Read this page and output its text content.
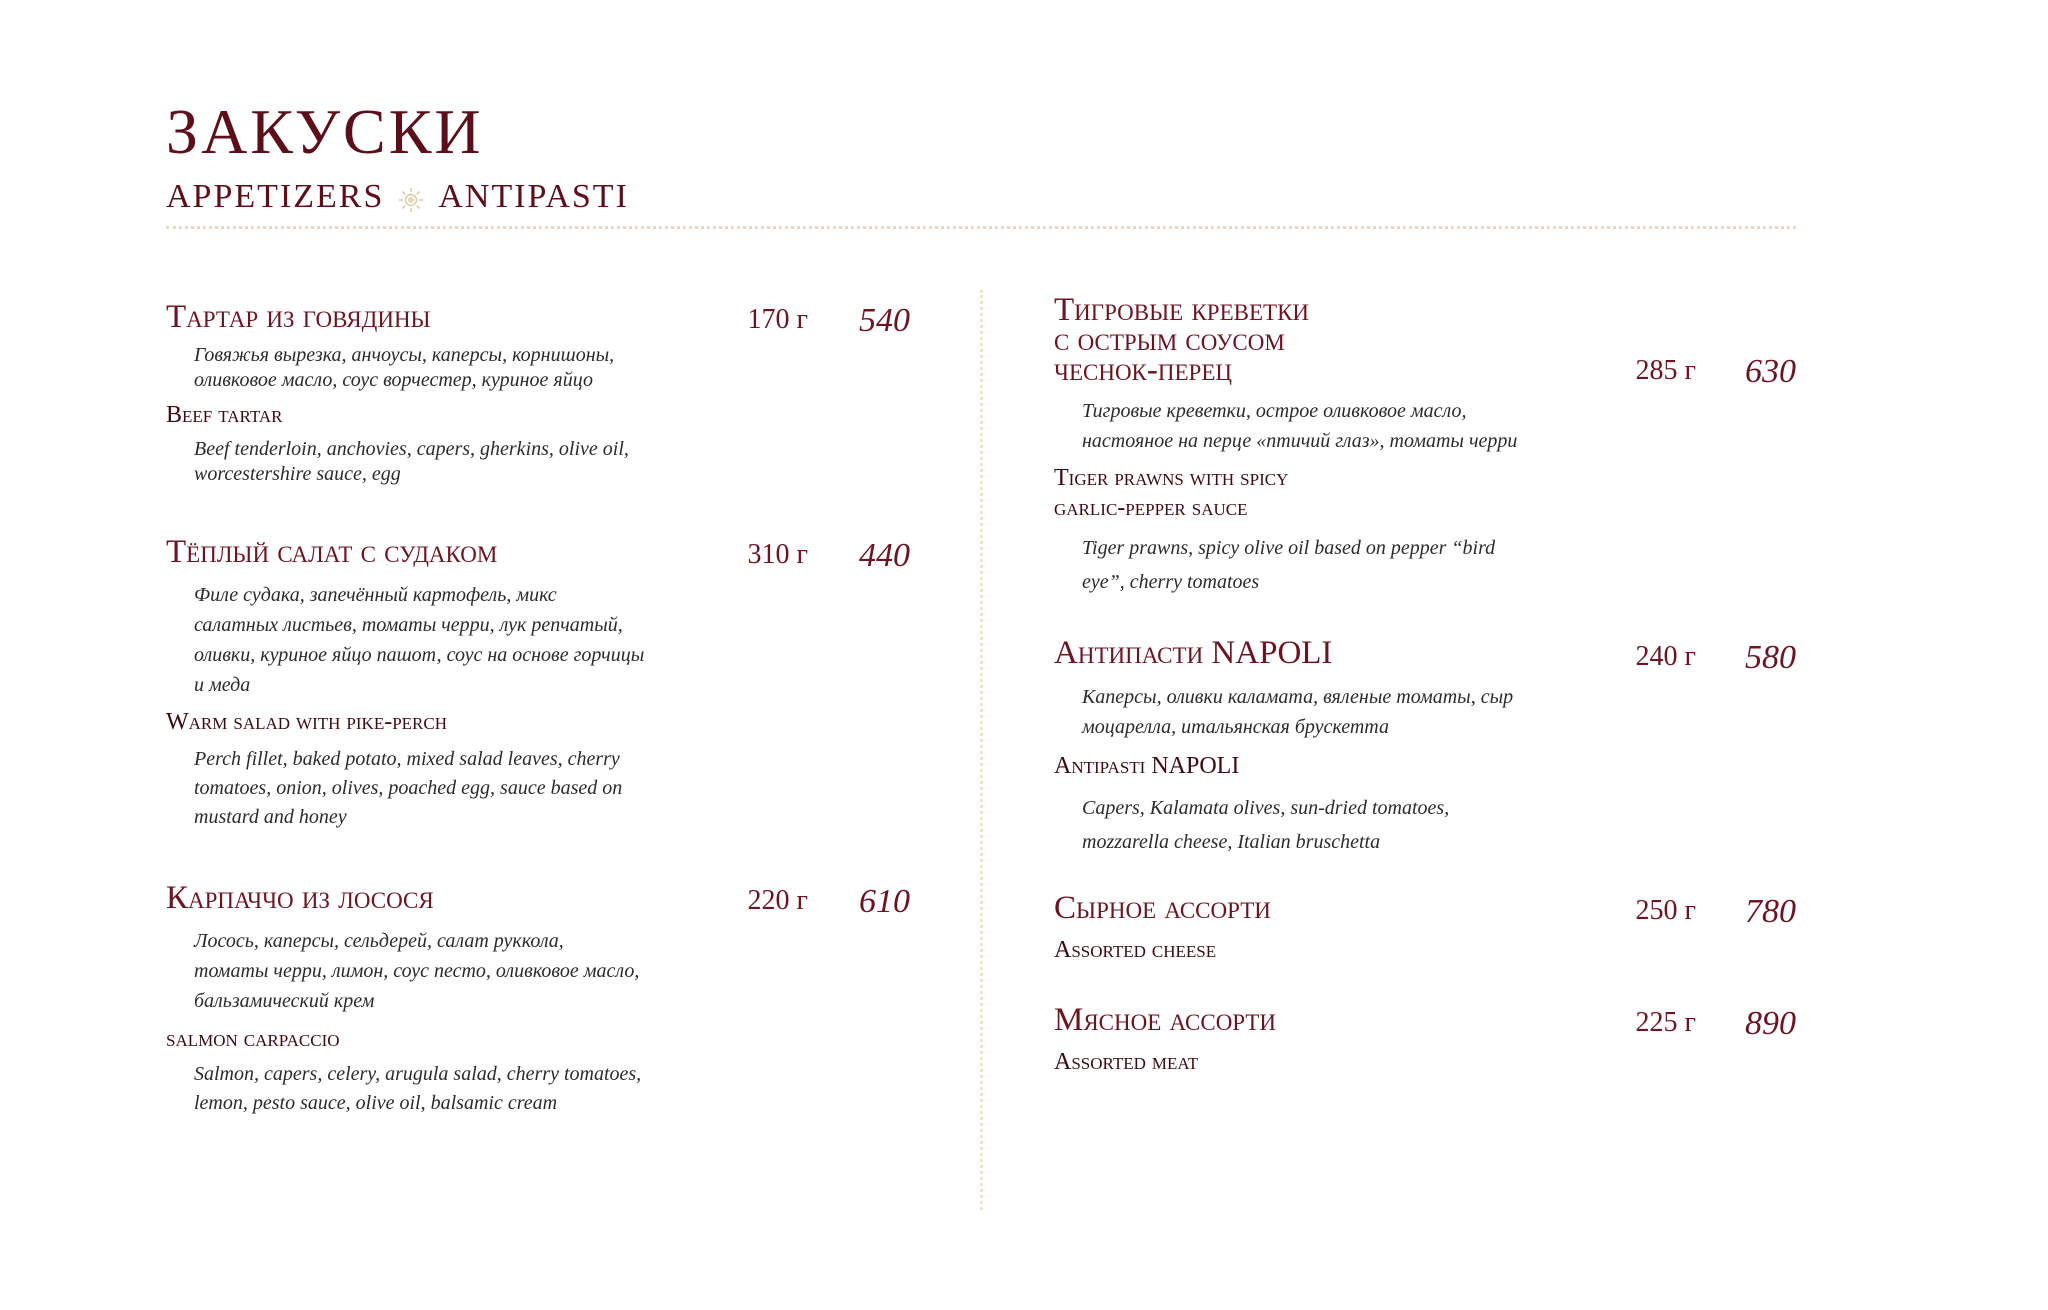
ЗАКУСКИ
APPETIZERS ANTIPASTI
Тартар из говядины	170 г 540
Говяжья вырезка, анчоусы, каперсы, корнишоны,
оливковое масло, соус ворчестер, куриное яйцо
Beef tartar
Beef tenderloin, anchovies, capers, gherkins, olive oil,
worcestershire sauce, egg
Тёплый салат с судаком	310 г 440
Филе судака, запечённый картофель, микс
салатных листьев, томаты черри, лук репчатый,
оливки, куриное яйцо пашот, соус на основе горчицы
и меда
Warm salad with pike-perch
Perch fillet, baked potato, mixed salad leaves, cherry
tomatoes, onion, olives, poached egg, sauce based on
mustard and honey
Карпаччо из лосося	220 г 610
Лосось, каперсы, сельдерей, салат руккола,
томаты черри, лимон, соус песто, оливковое масло,
бальзамический крем
salmon carpaccio
Salmon, capers, celery, arugula salad, cherry tomatoes,
lemon, pesto sauce, olive oil, balsamic cream
Тигровые креветки
с острым соусом
чеснок-перец	285 г 630
Тигровые креветки, острое оливковое масло,
настояное на перце «птичий глаз», томаты черри
Tiger prawns with spicy
garlic-pepper sauce
Tiger prawns, spicy olive oil based on pepper “bird
eye”, cherry tomatoes
Антипасти NAPOLI	240 г 580
Каперсы, оливки каламата, вяленые томаты, сыр
моцарелла, итальянская брускетта
Antipasti NAPOLI
Capers, Kalamata olives, sun-dried tomatoes,
mozzarella cheese, Italian bruschetta
Сырное ассорти	250 г 780
Assorted cheese
Мясное ассорти	225 г 890
Assorted meat
